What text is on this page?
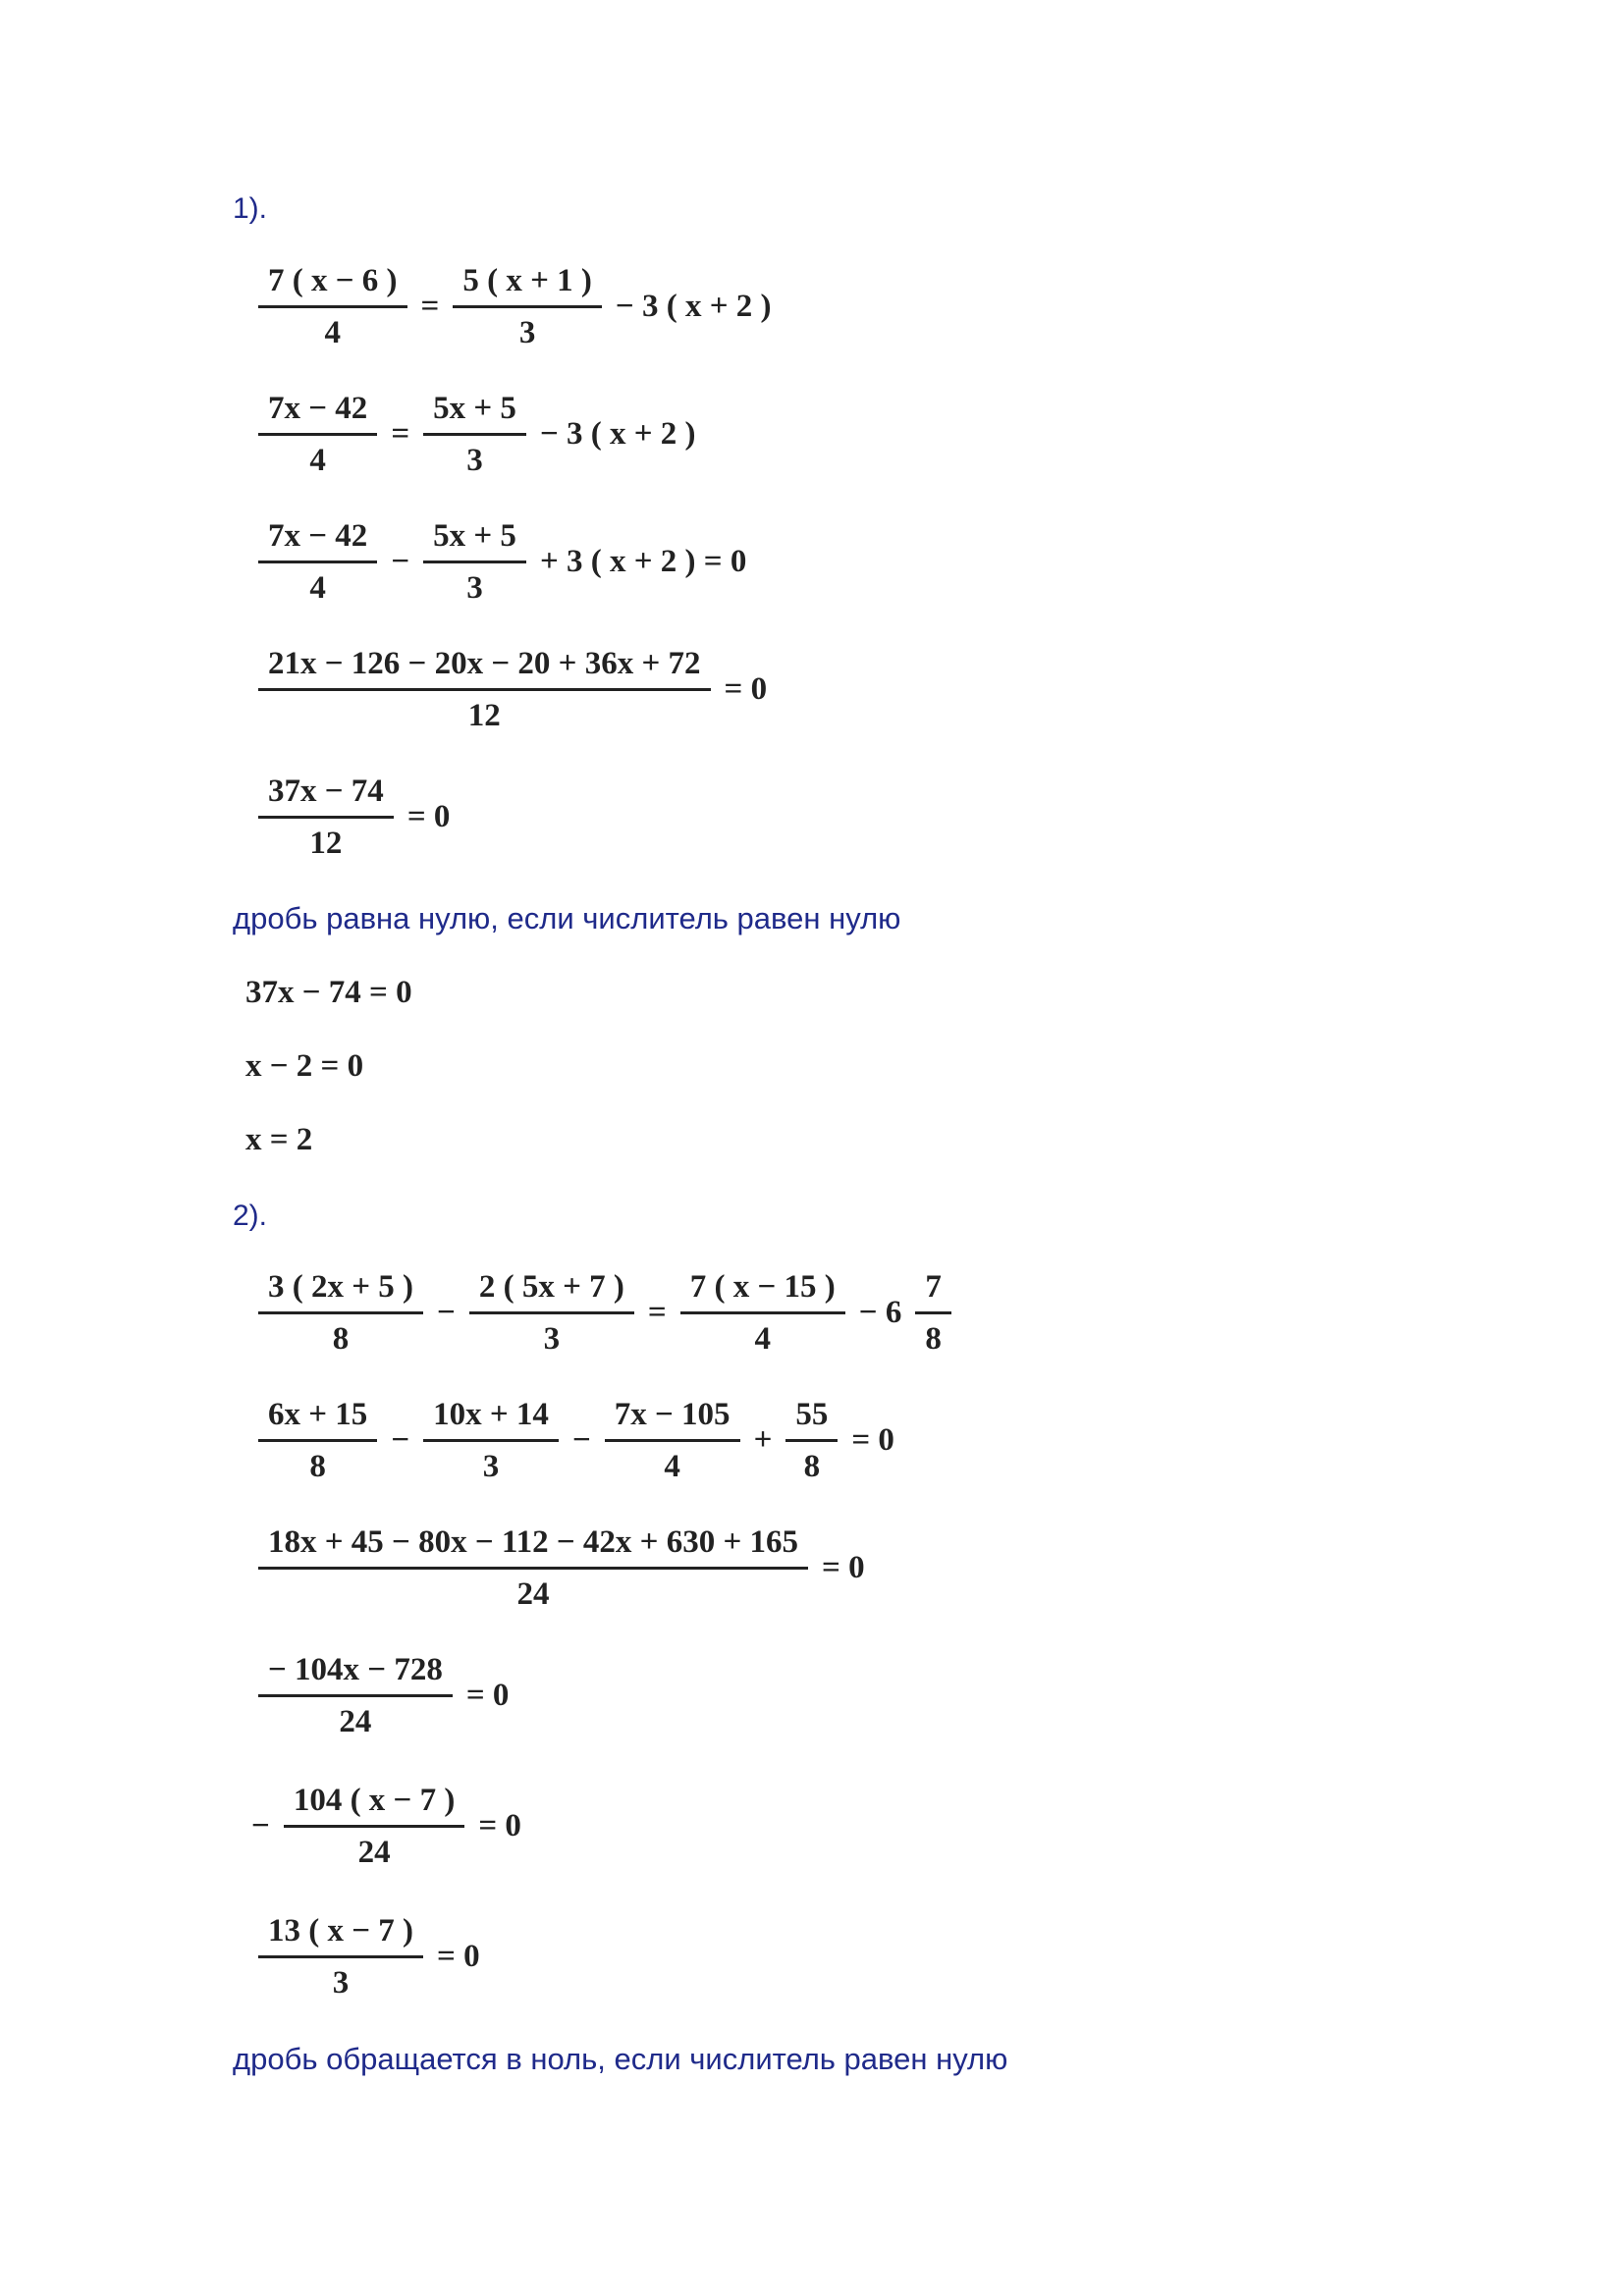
1).
$\frac{7 ( x - 6 )}{4} = \frac{5 ( x + 1 )}{3} - 3$ ( x + 2 )
$\frac{7x - 42}{4} = \frac{5x + 5}{3} - 3$ ( x + 2 )
$\frac{7x - 42}{4} - \frac{5x + 5}{3} + 3$ ( x + 2 ) = 0
$\frac{21x - 126 - 20x - 20 + 36x + 72}{12} = 0$
$\frac{37x - 74}{12} = 0$
дробь равна нулю, если числитель равен нулю
37x − 74 = 0
x − 2 = 0
x = 2
2).
$\frac{3 ( 2x + 5 )}{8} - \frac{2 ( 5x + 7 )}{3} = \frac{7 ( x - 15 )}{4} - 6 \frac{7}{8}$
$\frac{6x + 15}{8} - \frac{10x + 14}{3} - \frac{7x - 105}{4} + \frac{55}{8} = 0$
$\frac{18x + 45 - 80x - 112 - 42x + 630 + 165}{24} = 0$
$\frac{- 104x - 728}{24} = 0$
− $\frac{104 ( x - 7 )}{24} = 0$
$\frac{13 ( x - 7 )}{3} = 0$
дробь обращается в ноль, если числитель равен нулю
